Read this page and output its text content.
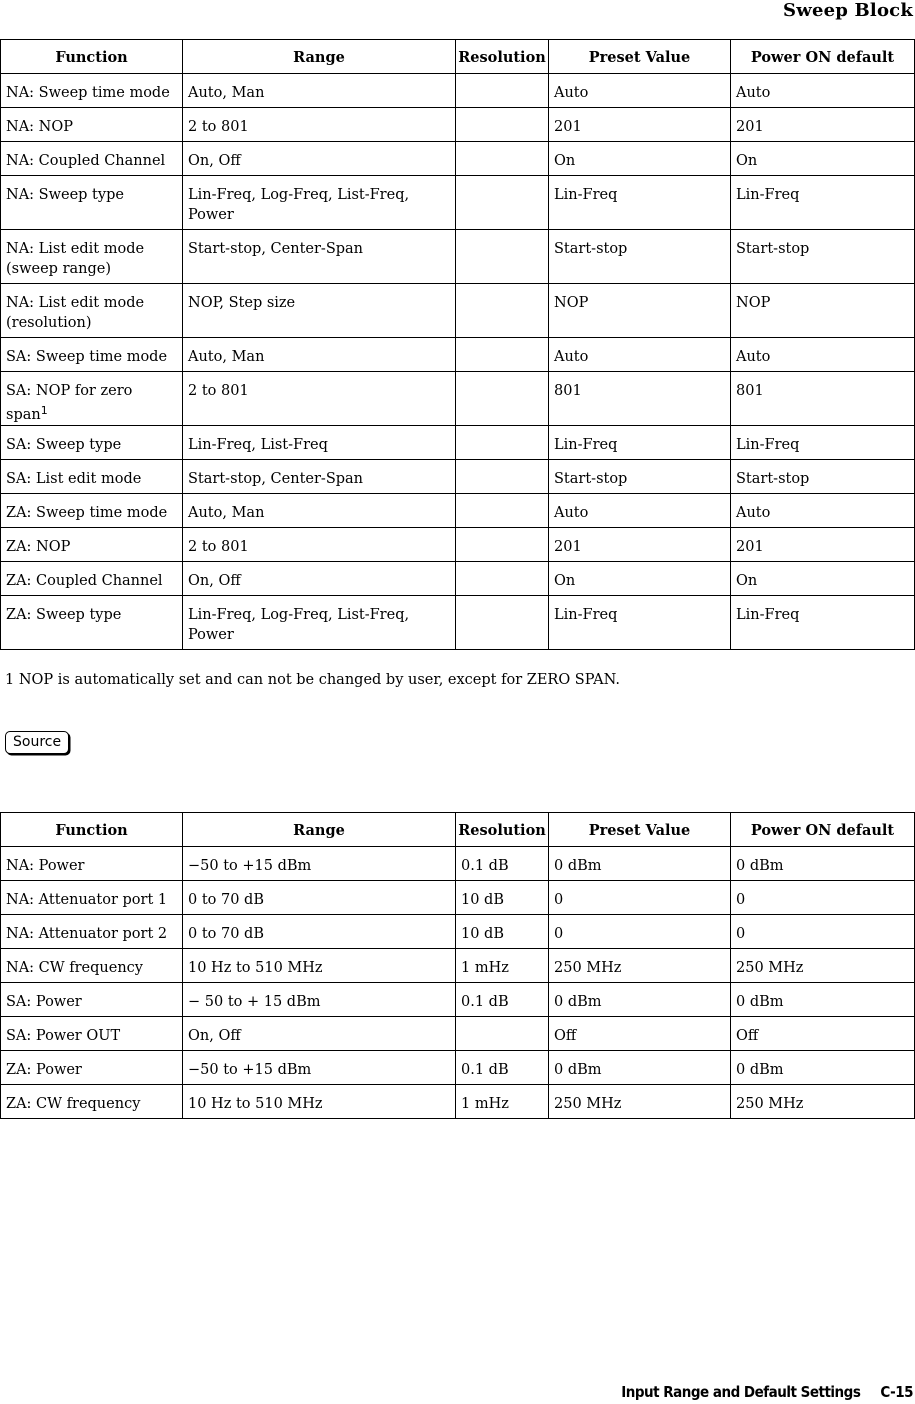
Sweep Block
Function	Range	Resolution	Preset Value	Power ON default
NA: Sweep time mode	Auto, Man		Auto	Auto
NA: NOP	2 to 801		201	201
NA: Coupled Channel	On, Off		On	On
NA: Sweep type	Lin-Freq, Log-Freq, List-Freq, Power		Lin-Freq	Lin-Freq
NA: List edit mode (sweep range)	Start-stop, Center-Span		Start-stop	Start-stop
NA: List edit mode (resolution)	NOP, Step size		NOP	NOP
SA: Sweep time mode	Auto, Man		Auto	Auto
SA: NOP for zero span$^1$	2 to 801		801	801
SA: Sweep type	Lin-Freq, List-Freq		Lin-Freq	Lin-Freq
SA: List edit mode	Start-stop, Center-Span		Start-stop	Start-stop
ZA: Sweep time mode	Auto, Man		Auto	Auto
ZA: NOP	2 to 801		201	201
ZA: Coupled Channel	On, Off		On	On
ZA: Sweep type	Lin-Freq, Log-Freq, List-Freq, Power		Lin-Freq	Lin-Freq
1 NOP is automatically set and can not be changed by user, except for ZERO SPAN.
Source
Function	Range	Resolution	Preset Value	Power ON default
NA: Power	−50 to +15 dBm	0.1 dB	0 dBm	0 dBm
NA: Attenuator port 1	0 to 70 dB	10 dB	0	0
NA: Attenuator port 2	0 to 70 dB	10 dB	0	0
NA: CW frequency	10 Hz to 510 MHz	1 mHz	250 MHz	250 MHz
SA: Power	− 50 to + 15 dBm	0.1 dB	0 dBm	0 dBm
SA: Power OUT	On, Off		Off	Off
ZA: Power	−50 to +15 dBm	0.1 dB	0 dBm	0 dBm
ZA: CW frequency	10 Hz to 510 MHz	1 mHz	250 MHz	250 MHz
Input Range and Default Settings C-15
